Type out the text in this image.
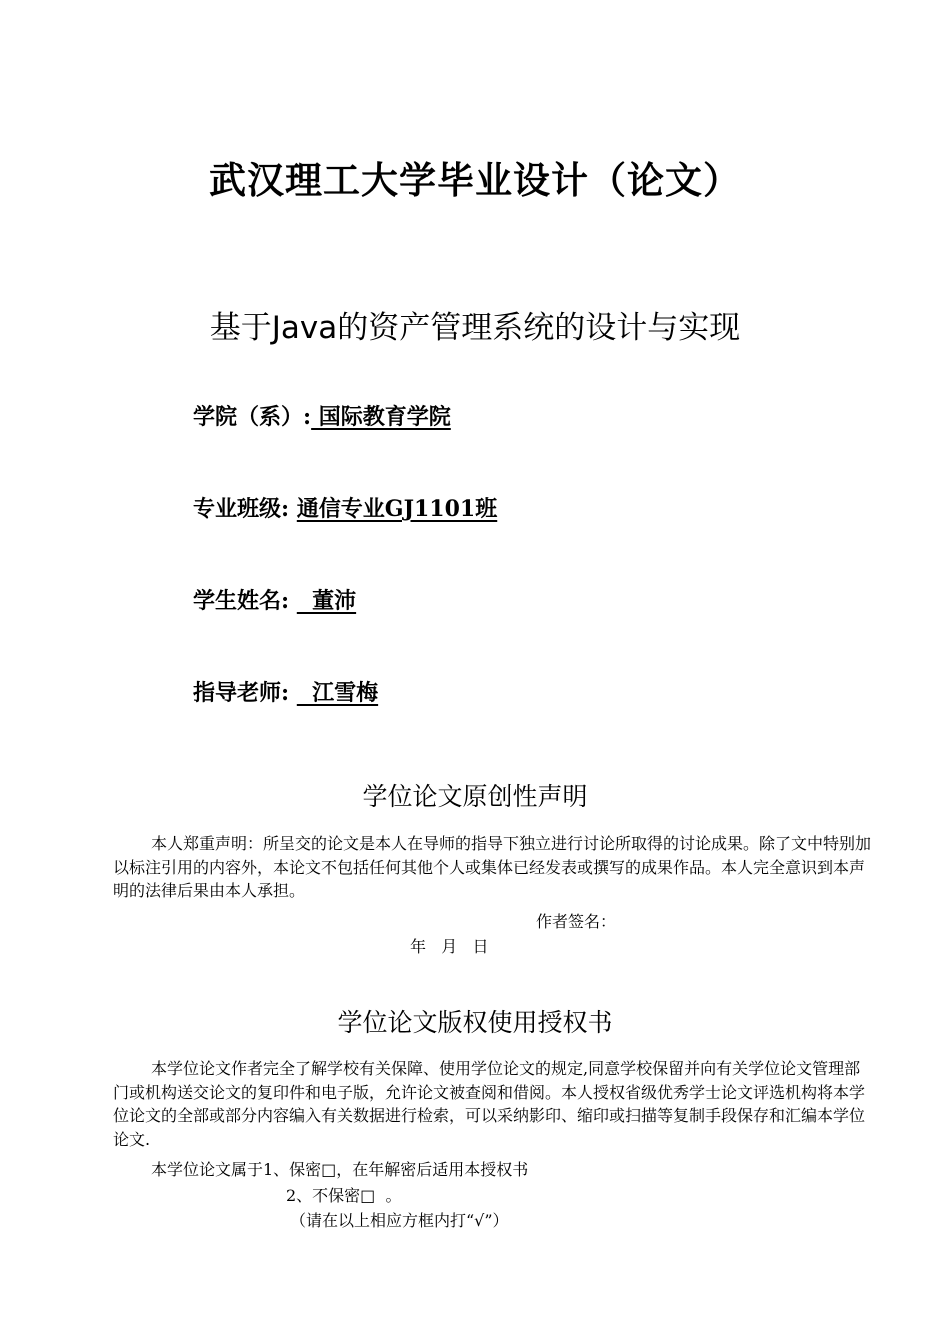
武汉理工大学毕业设计（论文）
基于Java的资产管理系统的设计与实现
学院（系）: 国际教育学院
专业班级: 通信专业GJ1101班
学生姓名:   董沛
指导老师:   江雪梅
学位论文原创性声明
本人郑重声明：所呈交的论文是本人在导师的指导下独立进行讨论所取得的讨论成果。除了文中特别加以标注引用的内容外，本论文不包括任何其他个人或集体已经发表或撰写的成果作品。本人完全意识到本声明的法律后果由本人承担。
作者签名：
年   月   日
学位论文版权使用授权书
本学位论文作者完全了解学校有关保障、使用学位论文的规定,同意学校保留并向有关学位论文管理部门或机构送交论文的复印件和电子版，允许论文被查阅和借阅。本人授权省级优秀学士论文评选机构将本学位论文的全部或部分内容编入有关数据进行检索，可以采纳影印、缩印或扫描等复制手段保存和汇编本学位论文.
本学位论文属于1、保密□，在年解密后适用本授权书
2、不保密□  。
（请在以上相应方框内打“√”）
